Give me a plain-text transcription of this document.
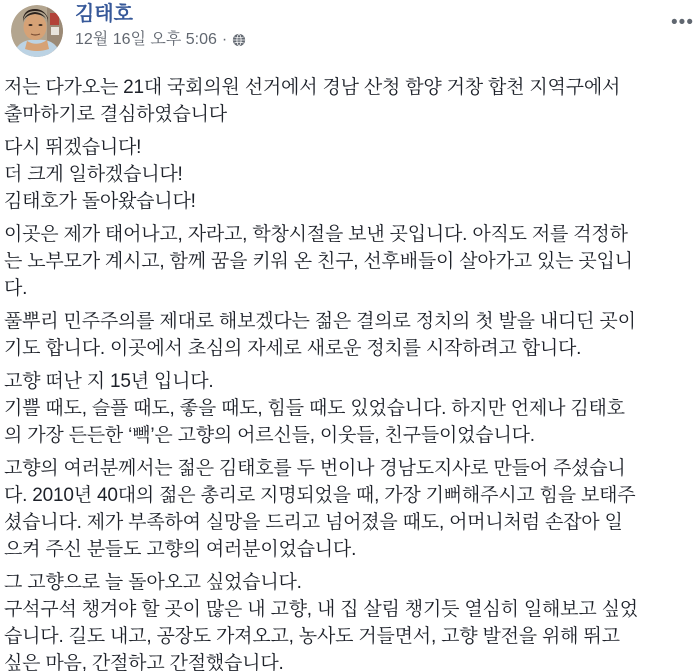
김태호
12월 16일 오후 5:06 ·
•••

저는 다가오는 21대 국회의원 선거에서 경남 산청 함양 거창 합천 지역구에서
출마하기로 결심하였습니다

다시 뛰겠습니다!
더 크게 일하겠습니다!
김태호가 돌아왔습니다!

이곳은 제가 태어나고, 자라고, 학창시절을 보낸 곳입니다. 아직도 저를 걱정하
는 노부모가 계시고, 함께 꿈을 키워 온 친구, 선후배들이 살아가고 있는 곳입니
다.

풀뿌리 민주주의를 제대로 해보겠다는 젊은 결의로 정치의 첫 발을 내디딘 곳이
기도 합니다. 이곳에서 초심의 자세로 새로운 정치를 시작하려고 합니다.

고향 떠난 지 15년 입니다.
기쁠 때도, 슬플 때도, 좋을 때도, 힘들 때도 있었습니다. 하지만 언제나 김태호
의 가장 든든한 ‘빽’은 고향의 어르신들, 이웃들, 친구들이었습니다.

고향의 여러분께서는 젊은 김태호를 두 번이나 경남도지사로 만들어 주셨습니
다. 2010년 40대의 젊은 총리로 지명되었을 때, 가장 기뻐해주시고 힘을 보태주
셨습니다. 제가 부족하여 실망을 드리고 넘어졌을 때도, 어머니처럼 손잡아 일
으켜 주신 분들도 고향의 여러분이었습니다.

그 고향으로 늘 돌아오고 싶었습니다.
구석구석 챙겨야 할 곳이 많은 내 고향, 내 집 살림 챙기듯 열심히 일해보고 싶었
습니다. 길도 내고, 공장도 가져오고, 농사도 거들면서, 고향 발전을 위해 뛰고
싶은 마음, 간절하고 간절했습니다.
